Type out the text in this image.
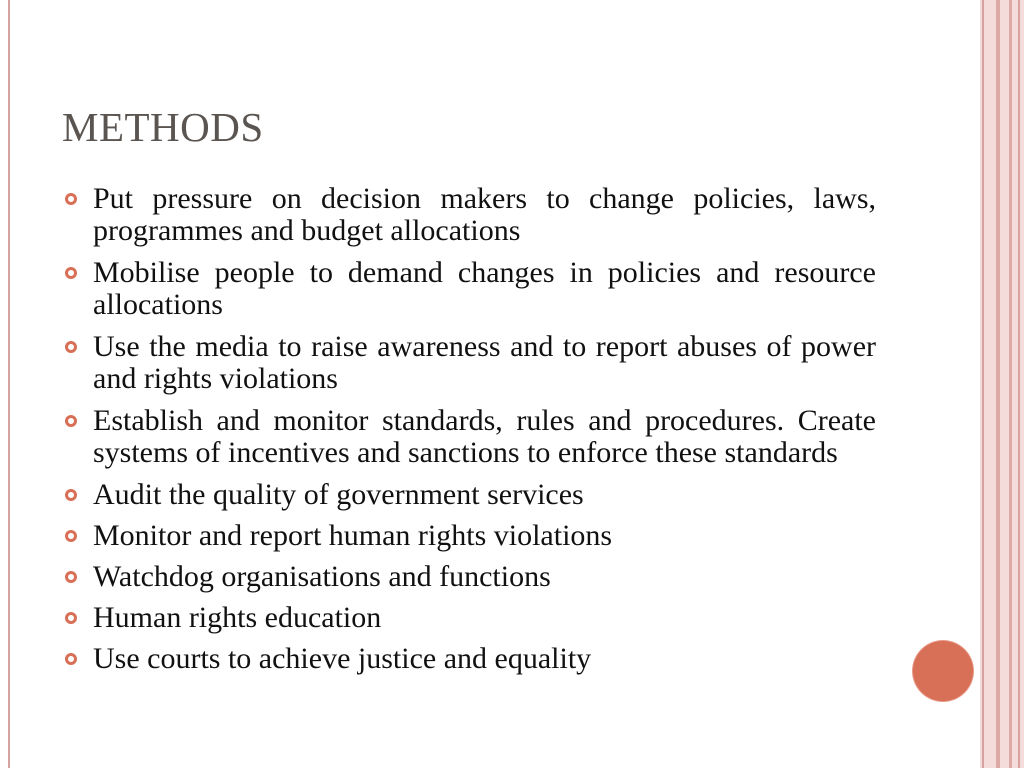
METHODS
Put pressure on decision makers to change policies, laws, programmes and budget allocations
Mobilise people to demand changes in policies and resource allocations
Use the media to raise awareness and to report abuses of power and rights violations
Establish and monitor standards, rules and procedures. Create systems of incentives and sanctions to enforce these standards
Audit the quality of government services
Monitor and report human rights violations
Watchdog organisations and functions
Human rights education
Use courts to achieve justice and equality
